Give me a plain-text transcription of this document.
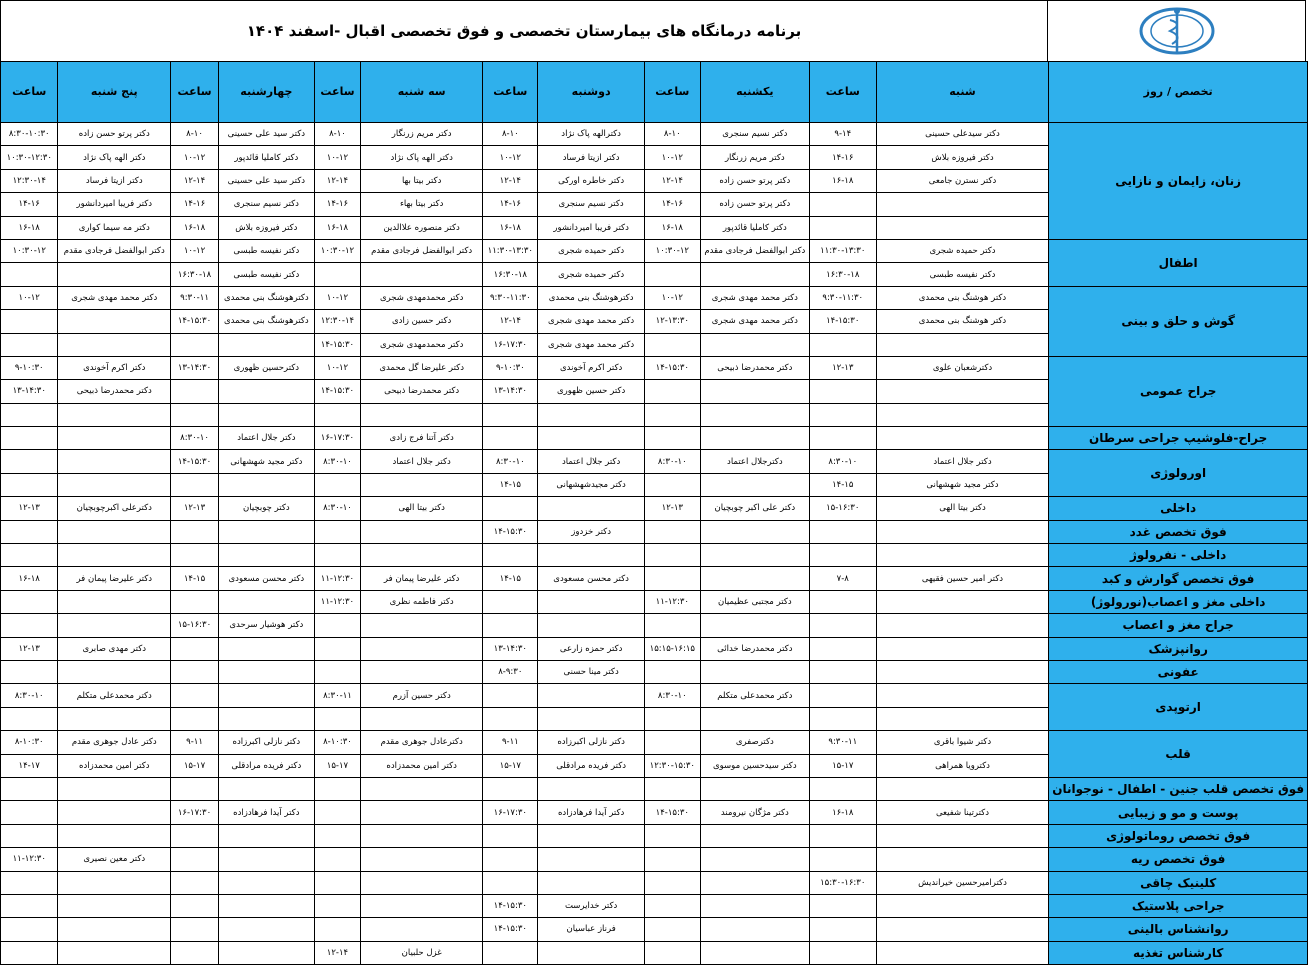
برنامه درمانگاه های بیمارستان تخصصی و فوق تخصصی اقبال -اسفند ۱۴۰۴
ساعت	پنج شنبه	ساعت	چهارشنبه	ساعت	سه شنبه	ساعت	دوشنبه	ساعت	یکشنبه	ساعت	شنبه	تخصص / روز
۸:۳۰-۱۰:۳۰	دکتر پرتو حسن زاده	۸-۱۰	دکتر سید علی حسینی	۸-۱۰	دکتر مریم زرنگار	۸-۱۰	دکترالهه پاک نژاد	۸-۱۰	دکتر نسیم سنجری	۹-۱۴	دکتر سیدعلی حسینی	زنان، زایمان و نازایی
۱۰:۳۰-۱۲:۳۰	دکتر الهه پاک نژاد	۱۰-۱۲	دکتر کاملیا قائدپور	۱۰-۱۲	دکتر الهه پاک نژاد	۱۰-۱۲	دکتر ازیتا فرساد	۱۰-۱۲	دکتر مریم زرنگار	۱۴-۱۶	دکتر فیروزه بلاش	
۱۲:۳۰-۱۴	دکتر ازیتا فرساد	۱۲-۱۴	دکتر سید علی حسینی	۱۲-۱۴	دکتر بیتا بها	۱۲-۱۴	دکتر خاطره اورکی	۱۲-۱۴	دکتر پرتو حسن زاده	۱۶-۱۸	دکتر نسترن جامعی	
۱۴-۱۶	دکتر فریبا امیردانشور	۱۴-۱۶	دکتر نسیم سنجری	۱۴-۱۶	دکتر بیتا بهاء	۱۴-۱۶	دکتر نسیم سنجری	۱۴-۱۶	دکتر پرتو حسن زاده			
۱۶-۱۸	دکتر مه سیما کواری	۱۶-۱۸	دکتر فیروزه بلاش	۱۶-۱۸	دکتر منصوره علاالدین	۱۶-۱۸	دکتر فریبا امیردانشور	۱۶-۱۸	دکتر کاملیا قائدپور			
۱۰:۳۰-۱۲	دکتر ابوالفضل فرجادی مقدم	۱۰-۱۲	دکتر نفیسه طبسی	۱۰:۳۰-۱۲	دکتر ابوالفضل فرجادی مقدم	۱۱:۳۰-۱۳:۳۰	دکتر حمیده شجری	۱۰:۳۰-۱۲	دکتر ابوالفضل فرجادی مقدم	۱۱:۳۰-۱۳:۳۰	دکتر حمیده شجری	اطفال
		۱۶:۳۰-۱۸	دکتر نفیسه طبسی			۱۶:۳۰-۱۸	دکتر حمیده شجری			۱۶:۳۰-۱۸	دکتر نفیسه طبسی	
۱۰-۱۲	دکتر محمد مهدی شجری	۹:۳۰-۱۱	دکترهوشنگ بنی محمدی	۱۰-۱۲	دکتر محمدمهدی شجری	۹:۳۰-۱۱:۳۰	دکترهوشنگ بنی محمدی	۱۰-۱۲	دکتر محمد مهدی شجری	۹:۳۰-۱۱:۳۰	دکتر هوشنگ بنی محمدی	گوش و حلق و بینی
		۱۴-۱۵:۳۰	دکترهوشنگ بنی محمدی	۱۲:۳۰-۱۴	دکتر حسین زادی	۱۲-۱۴	دکتر محمد مهدی شجری	۱۲-۱۳:۳۰	دکتر محمد مهدی شجری	۱۴-۱۵:۳۰	دکتر هوشنگ بنی محمدی	
				۱۴-۱۵:۳۰	دکتر محمدمهدی شجری	۱۶-۱۷:۳۰	دکتر محمد مهدی شجری					
۹-۱۰:۳۰	دکتر اکرم آخوندی	۱۳-۱۴:۳۰	دکترحسین ظهوری	۱۰-۱۲	دکتر علیرضا گل محمدی	۹-۱۰:۳۰	دکتر اکرم آخوندی	۱۴-۱۵:۳۰	دکتر محمدرضا ذبیحی	۱۲-۱۳	دکترشعبان علوی	جراح عمومی
۱۳-۱۴:۳۰	دکتر محمدرضا ذبیحی			۱۴-۱۵:۳۰	دکتر محمدرضا ذبیحی	۱۳-۱۴:۳۰	دکتر حسین ظهوری					

		۸:۳۰-۱۰	دکتر جلال اعتماد	۱۶-۱۷:۳۰	دکتر آتنا فرج زادی							جراح-فلوشیپ جراحی سرطان
		۱۴-۱۵:۳۰	دکتر مجید شهشهانی	۸:۳۰-۱۰	دکتر جلال اعتماد	۸:۳۰-۱۰	دکتر جلال اعتماد	۸:۳۰-۱۰	دکترجلال اعتماد	۸:۳۰-۱۰	دکتر جلال اعتماد	اورولوژی
						۱۴-۱۵	دکتر مجیدشهشهانی			۱۴-۱۵	دکتر مجید شهشهانی	
۱۲-۱۳	دکترعلی اکبرچوبچیان	۱۲-۱۳	دکتر چوبچیان	۸:۳۰-۱۰	دکتر بیتا الهی			۱۲-۱۳	دکتر علی اکبر چوبچیان	۱۵-۱۶:۳۰	دکتر بیتا الهی	داخلی
						۱۴-۱۵:۳۰	دکتر خزدوز					فوق تخصص غدد
												داخلی - نفرولوژ
۱۶-۱۸	دکتر علیرضا پیمان فر	۱۴-۱۵	دکتر محسن مسعودی	۱۱-۱۲:۳۰	دکتر علیرضا پیمان فر	۱۴-۱۵	دکتر محسن مسعودی			۷-۸	دکتر امیر حسین فقیهی	فوق تخصص گوارش و کبد
				۱۱-۱۲:۳۰	دکتر فاطمه نظری			۱۱-۱۲:۳۰	دکتر مجتبی عظیمیان			داخلی مغز و اعصاب(نورولوژ)
		۱۵-۱۶:۳۰	دکتر هوشیار سرحدی									جراح مغز و اعصاب
۱۲-۱۳	دکتر مهدی صابری					۱۳-۱۴:۳۰	دکتر حمزه زارعی	۱۵:۱۵-۱۶:۱۵	دکتر محمدرضا خدائی			روانپزشک
						۸-۹:۳۰	دکتر مینا حسنی					عفونی
۸:۳۰-۱۰	دکتر محمدعلی متکلم			۸:۳۰-۱۱	دکتر حسین آزرم			۸:۳۰-۱۰	دکتر محمدعلی متکلم			ارتوپدی

۸-۱۰:۳۰	دکتر عادل جوهری مقدم	۹-۱۱	دکتر نازلی اکبرزاده	۸-۱۰:۳۰	دکترعادل جوهری مقدم	۹-۱۱	دکتر نازلی اکبرزاده		دکترصفری	۹:۳۰-۱۱	دکتر شیوا باقری	قلب
۱۴-۱۷	دکتر امین محمدزاده	۱۵-۱۷	دکتر فریده مرادقلی	۱۵-۱۷	دکتر امین محمدزاده	۱۵-۱۷	دکتر فریده مرادقلی	۱۲:۳۰-۱۵:۳۰	دکتر سیدحسین موسوی	۱۵-۱۷	دکترویا همراهی	
												فوق تخصص قلب جنین - اطفال - نوجوانان
		۱۶-۱۷:۳۰	دکتر آیدا فرهادزاده			۱۶-۱۷:۳۰	دکتر آیدا فرهادزاده	۱۴-۱۵:۳۰	دکتر مژگان نیرومند	۱۶-۱۸	دکترتینا شفیعی	پوست و مو و زیبایی
												فوق تخصص روماتولوژی
۱۱-۱۲:۳۰	دکتر معین نصیری											فوق تخصص ریه
										۱۵:۳۰-۱۶:۳۰	دکترامیرحسین خیراندیش	کلینیک چاقی
						۱۴-۱۵:۳۰	دکتر خدایرست					جراحی پلاستیک
						۱۴-۱۵:۳۰	فرناز عباسیان					روانشناس بالینی
				۱۲-۱۴	غزل حلبیان							کارشناس تغذیه
